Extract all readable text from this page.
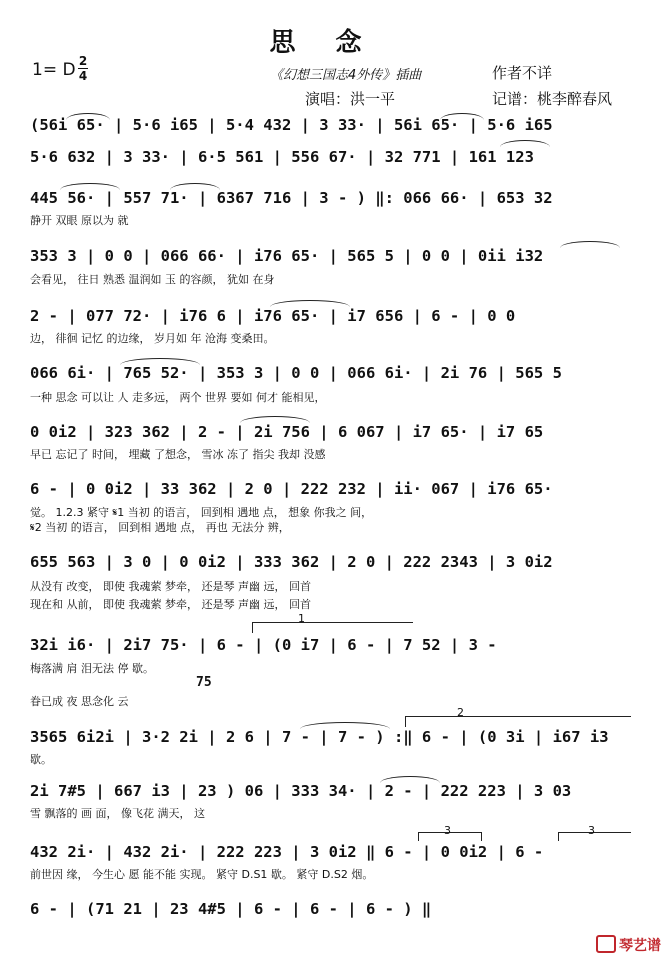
思念
1= D 2
4	《幻想三国志4外传》插曲	作者不详
演唱：洪一平	记谱：桃李醉春风
(56i 65· | 5·6 i65 | 5·4 432 | 3 33· | 56i 65· | 5·6 i65
5·6 632 | 3 33· | 6·5 561 | 556 67· | 32 771 | 161 123
445 56· | 557 71· | 6367 716 | 3 - ) ‖: 066 66· | 653 32
静开 双眼 原以为 就
353 3 | 0 0 | 066 66· | i76 65· | 565 5 | 0 0 | 0ii i32
会看见， 往日 熟悉 温润如 玉 的容颜， 犹如 在身
2 - | 077 72· | i76 6 | i76 65· | i7 656 | 6 - | 0 0
边， 徘徊 记忆 的边缘， 岁月如 年 沧海 变桑田。
066 6i· | 765 52· | 353 3 | 0 0 | 066 6i· | 2i 76 | 565 5
一种 思念 可以让 人 走多远， 两个 世界 要如 何才 能相见，
0 0i2 | 323 362 | 2 - | 2i 756 | 6 067 | i7 65· | i7 65
早已 忘记了 时间， 埋藏 了想念， 雪冰 冻了 指尖 我却 没感
6 - | 0 0i2 | 33 362 | 2 0 | 222 232 | ii· 067 | i76 65·
觉。 1.2.3 紧守 𝄋1 当初 的语言， 回到相 遇地 点， 想象 你我之 间，
𝄋2 当初 的语言， 回到相 遇地 点， 再也 无法分 辨，
655 563 | 3 0 | 0 0i2 | 333 362 | 2 0 | 222 2343 | 3 0i2
从没有 改变， 即使 我魂萦 梦牵， 还是琴 声幽 远， 回首
现在和 从前， 即使 我魂萦 梦牵， 还是琴 声幽 远， 回首
1
32i i6· | 2i7 75· | 6 - | (0 i7 | 6 - | 7 52 | 3 -
梅落满 肩 泪无法 停 歇。
75
眷已成 夜 思念化 云
2
3565 6i2i | 3·2 2i | 2 6 | 7 - | 7 - ) :‖ 6 - | (0 3i | i67 i3
歇。
2i 7#5 | 667 i3 | 23 ) 06 | 333 34· | 2 - | 222 223 | 3 03
雪 飘落的 画 面， 像飞花 满天， 这
3	3
432 2i· | 432 2i· | 222 223 | 3 0i2 ‖ 6 - | 0 0i2 | 6 -
前世因 缘， 今生心 愿 能不能 实现。 紧守 D.S1 歇。 紧守 D.S2 烟。
6 - | (71 21 | 23 4#5 | 6 - | 6 - | 6 - ) ‖
琴艺谱
